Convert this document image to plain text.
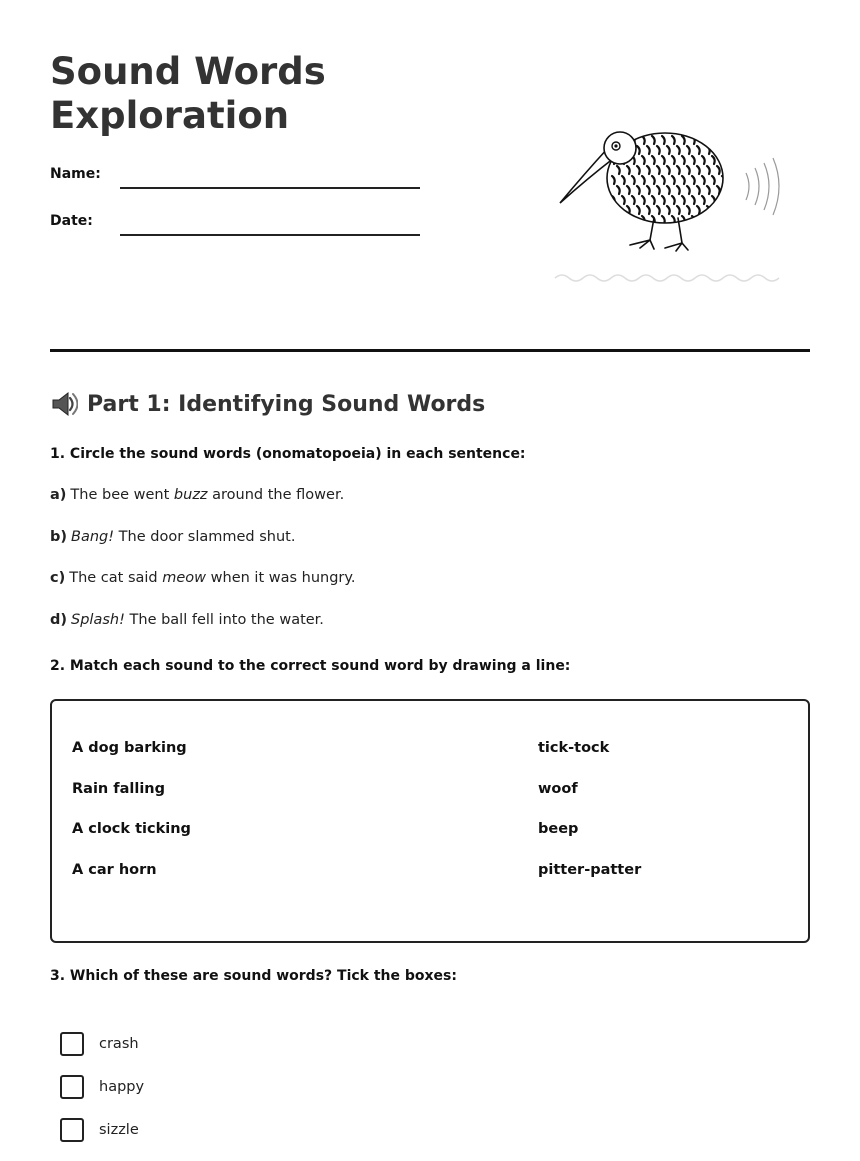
Sound Words
Exploration
Name:
Date:
Part 1: Identifying Sound Words
1. Circle the sound words (onomatopoeia) in each sentence:
a) The bee went buzz around the flower.
b) Bang! The door slammed shut.
c) The cat said meow when it was hungry.
d) Splash! The ball fell into the water.
2. Match each sound to the correct sound word by drawing a line:
A dog barking
Rain falling
A clock ticking
A car horn
tick-tock
woof
beep
pitter-patter
3. Which of these are sound words? Tick the boxes:
crash
happy
sizzle
